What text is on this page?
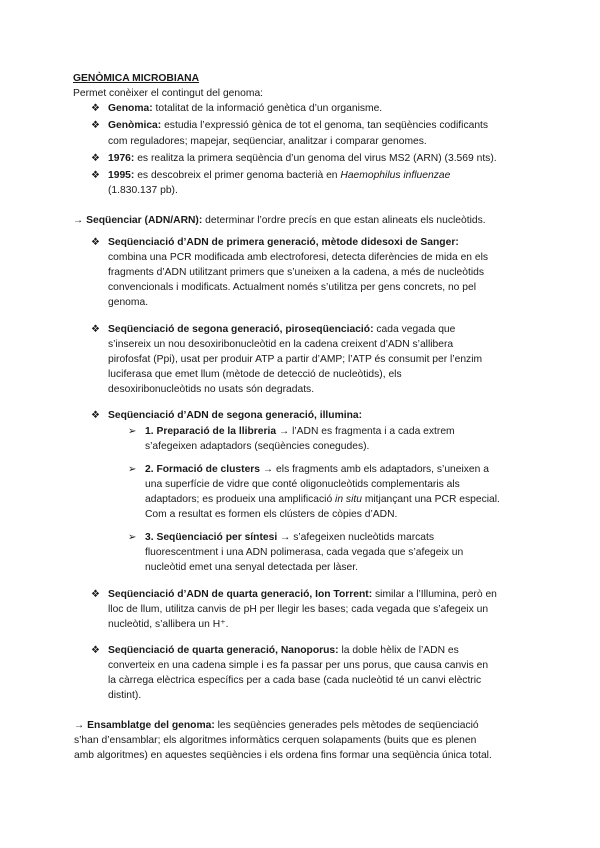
GENÒMICA MICROBIANA
Permet conèixer el contingut del genoma:
❖ Genoma: totalitat de la informació genètica d’un organisme.
❖ Genòmica: estudia l’expressió gènica de tot el genoma, tan seqüències codificants
com reguladores; mapejar, seqüenciar, analitzar i comparar genomes.
❖ 1976: es realitza la primera seqüència d’un genoma del virus MS2 (ARN) (3.569 nts).
❖ 1995: es descobreix el primer genoma bacterià en Haemophilus influenzae
(1.830.137 pb).
→ Seqüenciar (ADN/ARN): determinar l’ordre precís en que estan alineats els nucleòtids.
❖ Seqüenciació d’ADN de primera generació, mètode didesoxi de Sanger:
combina una PCR modificada amb electroforesi, detecta diferències de mida en els
fragments d’ADN utilitzant primers que s’uneixen a la cadena, a més de nucleòtids
convencionals i modificats. Actualment només s’utilitza per gens concrets, no pel
genoma.
❖ Seqüenciació de segona generació, piroseqüenciació: cada vegada que
s’insereix un nou desoxiribonucleòtid en la cadena creixent d’ADN s’allibera
pirofosfat (Ppi), usat per produir ATP a partir d’AMP; l’ATP és consumit per l’enzim
luciferasa que emet llum (mètode de detecció de nucleòtids), els
desoxiribonucleòtids no usats són degradats.
❖ Seqüenciació d’ADN de segona generació, illumina:
➢ 1. Preparació de la llibreria → l’ADN es fragmenta i a cada extrem
s’afegeixen adaptadors (seqüències conegudes).
➢ 2. Formació de clusters → els fragments amb els adaptadors, s’uneixen a
una superfície de vidre que conté oligonucleòtids complementaris als
adaptadors; es produeix una amplificació in situ mitjançant una PCR especial.
Com a resultat es formen els clústers de còpies d’ADN.
➢ 3. Seqüenciació per síntesi → s’afegeixen nucleòtids marcats
fluorescentment i una ADN polimerasa, cada vegada que s’afegeix un
nucleòtid emet una senyal detectada per làser.
❖ Seqüenciació d’ADN de quarta generació, Ion Torrent: similar a l’Illumina, però en
lloc de llum, utilitza canvis de pH per llegir les bases; cada vegada que s’afegeix un
nucleòtid, s’allibera un H⁺.
❖ Seqüenciació de quarta generació, Nanoporus: la doble hèlix de l’ADN es
converteix en una cadena simple i es fa passar per uns porus, que causa canvis en
la càrrega elèctrica específics per a cada base (cada nucleòtid té un canvi elèctric
distint).
→ Ensamblatge del genoma: les seqüències generades pels mètodes de seqüenciació
s’han d’ensamblar; els algoritmes informàtics cerquen solapaments (buits que es plenen
amb algoritmes) en aquestes seqüències i els ordena fins formar una seqüència única total.
